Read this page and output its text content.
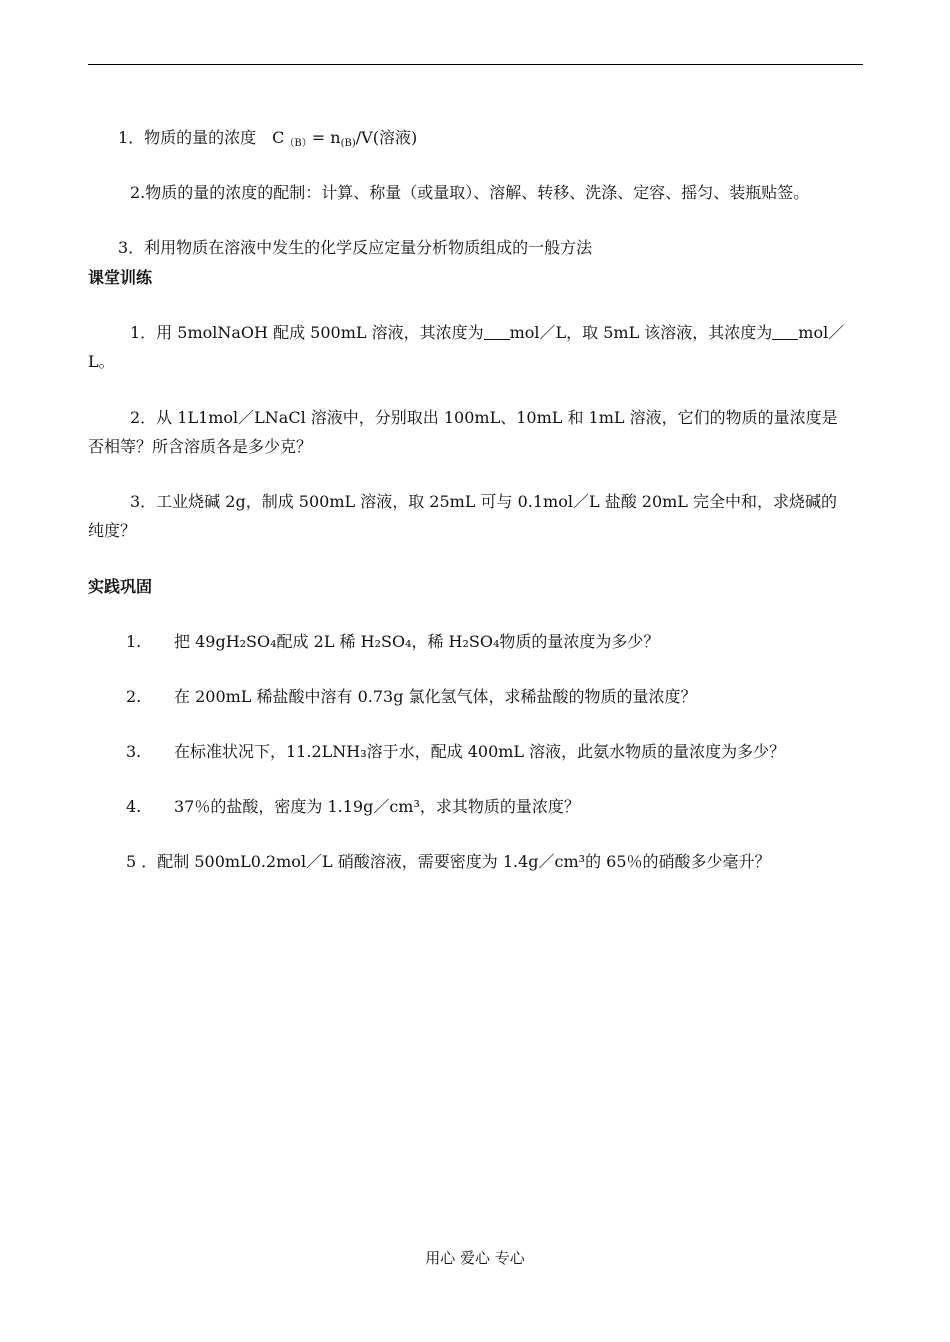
1．物质的量的浓度　$C_{(B)}= n_{(B)}/V$(溶液)
2.物质的量的浓度的配制：计算、称量（或量取）、溶解、转移、洗涤、定容、摇匀、装瓶贴签。
3．利用物质在溶液中发生的化学反应定量分析物质组成的一般方法
课堂训练
1．用 5molNaOH 配成 500mL 溶液，其浓度为 mol／L，取 5mL 该溶液，其浓度为 mol／
L。
2．从 1L1mol／LNaCl 溶液中，分别取出 100mL、10mL 和 1mL 溶液，它们的物质的量浓度是
否相等？所含溶质各是多少克？
3．工业烧碱 2g，制成 500mL 溶液，取 25mL 可与 0.1mol／L 盐酸 20mL 完全中和，求烧碱的
纯度？
实践巩固
1. 把 49gH₂SO₄配成 2L 稀 H₂SO₄，稀 H₂SO₄物质的量浓度为多少？
2. 在 200mL 稀盐酸中溶有 0.73g 氯化氢气体，求稀盐酸的物质的量浓度？
3. 在标准状况下，11.2LNH₃溶于水，配成 400mL 溶液，此氨水物质的量浓度为多少？
4. 37％的盐酸，密度为 1.19g／cm³，求其物质的量浓度？
5 ．配制 500mL0.2mol／L 硝酸溶液，需要密度为 1.4g／cm³的 65％的硝酸多少毫升？
用心 爱心 专心
